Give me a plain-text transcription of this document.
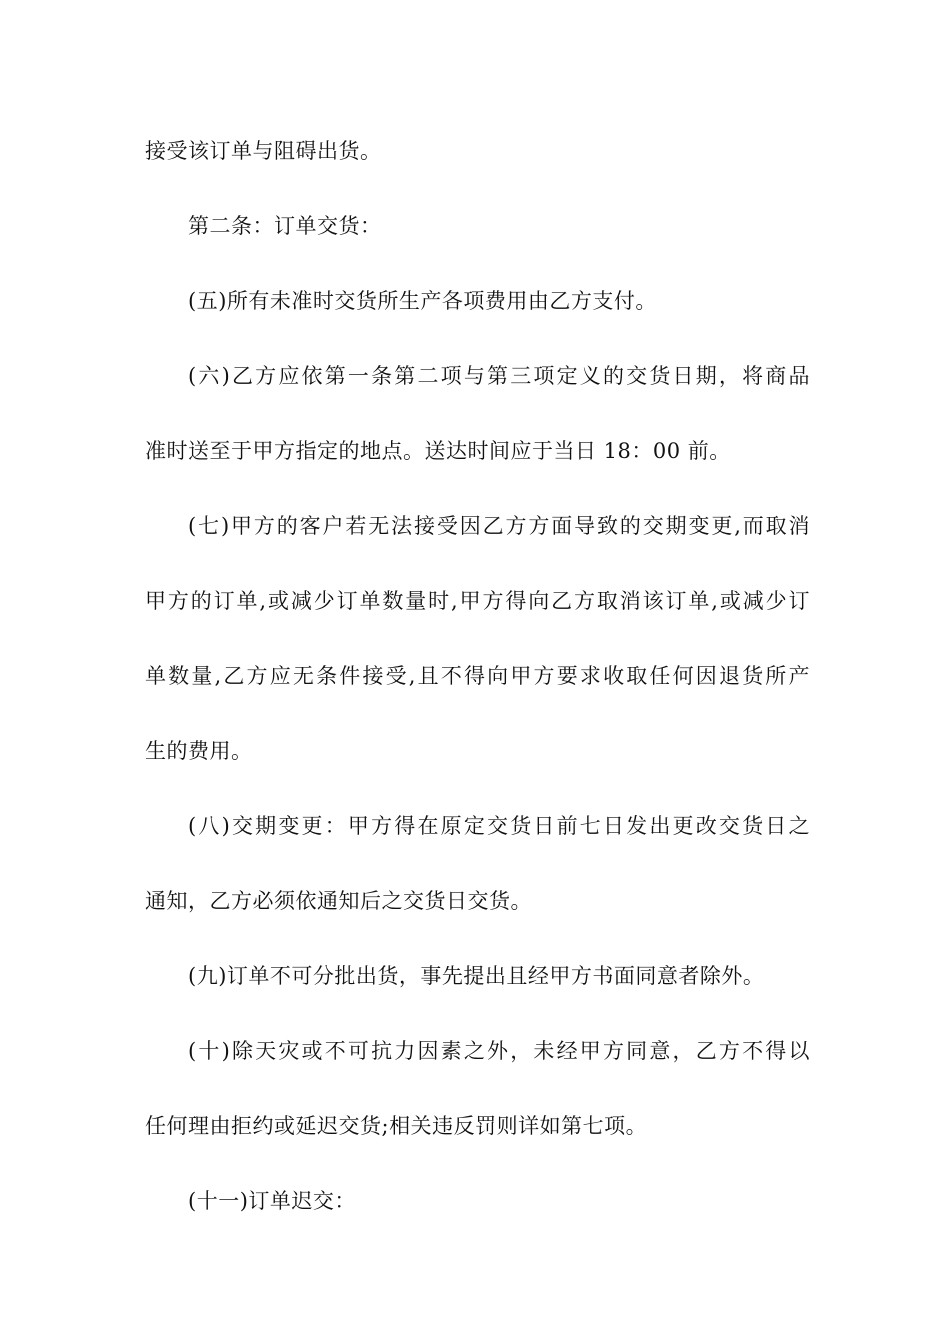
接受该订单与阻碍出货。
第二条：订单交货：
(五)所有未准时交货所生产各项费用由乙方支付。
(六)乙方应依第一条第二项与第三项定义的交货日期，将商品
准时送至于甲方指定的地点。送达时间应于当日 18：00 前。
(七)甲方的客户若无法接受因乙方方面导致的交期变更,而取消
甲方的订单,或减少订单数量时,甲方得向乙方取消该订单,或减少订
单数量,乙方应无条件接受,且不得向甲方要求收取任何因退货所产
生的费用。
(八)交期变更：甲方得在原定交货日前七日发出更改交货日之
通知，乙方必须依通知后之交货日交货。
(九)订单不可分批出货，事先提出且经甲方书面同意者除外。
(十)除天灾或不可抗力因素之外，未经甲方同意，乙方不得以
任何理由拒约或延迟交货;相关违反罚则详如第七项。
(十一)订单迟交：
